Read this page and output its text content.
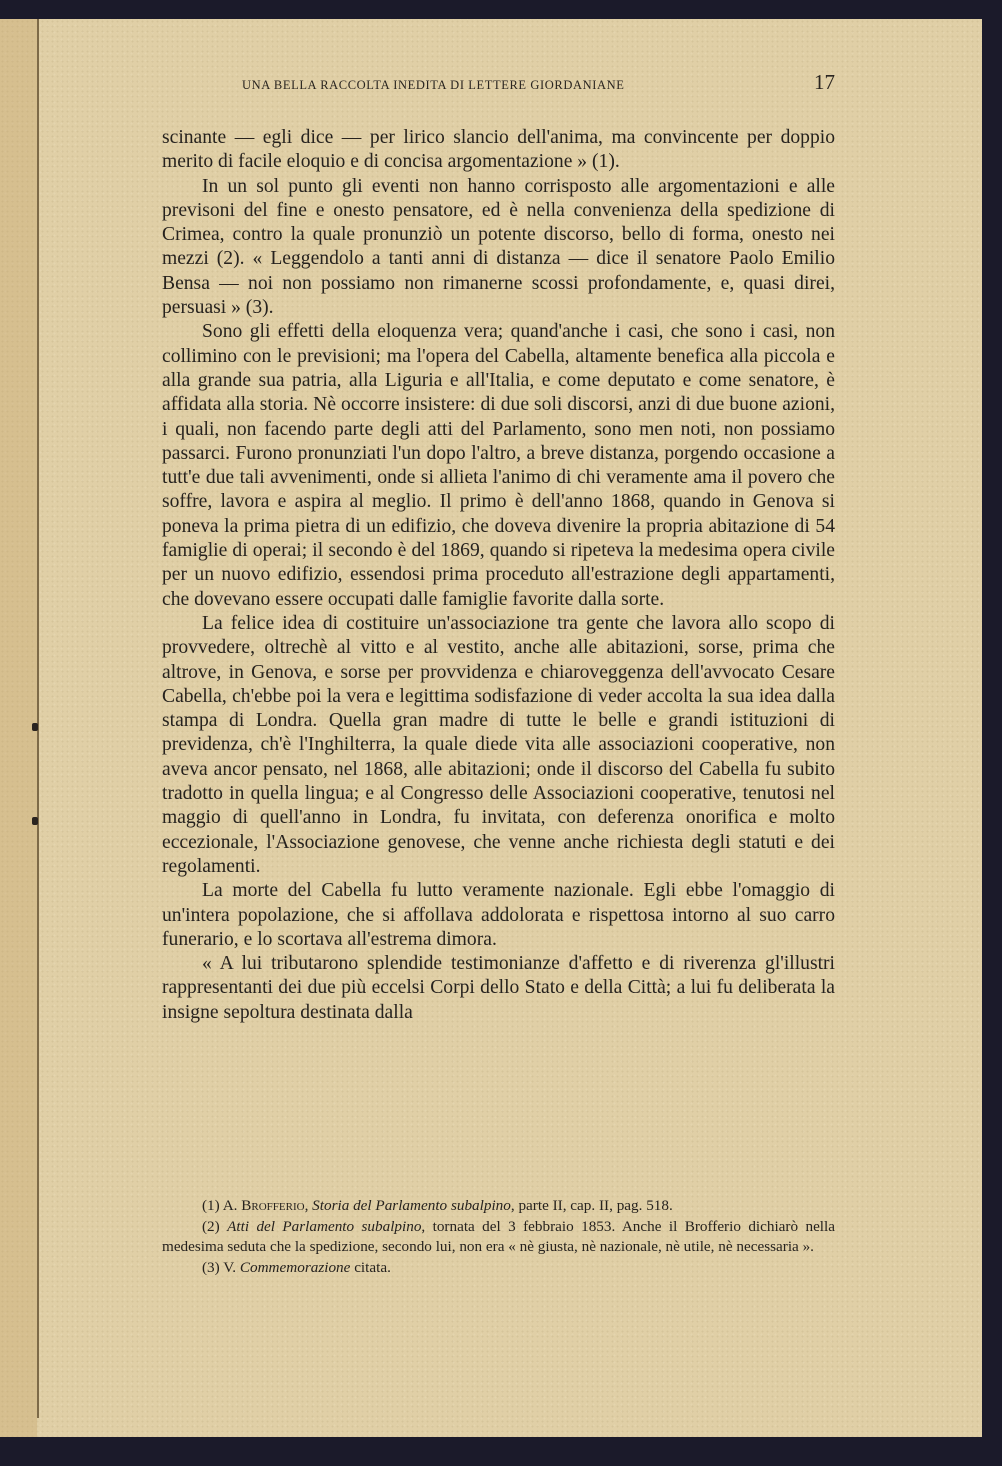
UNA BELLA RACCOLTA INEDITA DI LETTERE GIORDANIANE	17

scinante — egli dice — per lirico slancio dell'anima, ma convincente per doppio merito di facile eloquio e di concisa argomentazione » (1).

In un sol punto gli eventi non hanno corrisposto alle argomentazioni e alle previsoni del fine e onesto pensatore, ed è nella convenienza della spedizione di Crimea, contro la quale pronunziò un potente discorso, bello di forma, onesto nei mezzi (2). « Leggendolo a tanti anni di distanza — dice il senatore Paolo Emilio Bensa — noi non possiamo non rimanerne scossi profondamente, e, quasi direi, persuasi » (3).

Sono gli effetti della eloquenza vera; quand'anche i casi, che sono i casi, non collimino con le previsioni; ma l'opera del Cabella, altamente benefica alla piccola e alla grande sua patria, alla Liguria e all'Italia, e come deputato e come senatore, è affidata alla storia. Nè occorre insistere: di due soli discorsi, anzi di due buone azioni, i quali, non facendo parte degli atti del Parlamento, sono men noti, non possiamo passarci. Furono pronunziati l'un dopo l'altro, a breve distanza, porgendo occasione a tutt'e due tali avvenimenti, onde si allieta l'animo di chi veramente ama il povero che soffre, lavora e aspira al meglio. Il primo è dell'anno 1868, quando in Genova si poneva la prima pietra di un edifizio, che doveva divenire la propria abitazione di 54 famiglie di operai; il secondo è del 1869, quando si ripeteva la medesima opera civile per un nuovo edifizio, essendosi prima proceduto all'estrazione degli appartamenti, che dovevano essere occupati dalle famiglie favorite dalla sorte.

La felice idea di costituire un'associazione tra gente che lavora allo scopo di provvedere, oltrechè al vitto e al vestito, anche alle abitazioni, sorse, prima che altrove, in Genova, e sorse per provvidenza e chiaroveggenza dell'avvocato Cesare Cabella, ch'ebbe poi la vera e legittima sodisfazione di veder accolta la sua idea dalla stampa di Londra. Quella gran madre di tutte le belle e grandi istituzioni di previdenza, ch'è l'Inghilterra, la quale diede vita alle associazioni cooperative, non aveva ancor pensato, nel 1868, alle abitazioni; onde il discorso del Cabella fu subito tradotto in quella lingua; e al Congresso delle Associazioni cooperative, tenutosi nel maggio di quell'anno in Londra, fu invitata, con deferenza onorifica e molto eccezionale, l'Associazione genovese, che venne anche richiesta degli statuti e dei regolamenti.

La morte del Cabella fu lutto veramente nazionale. Egli ebbe l'omaggio di un'intera popolazione, che si affollava addolorata e rispettosa intorno al suo carro funerario, e lo scortava all'estrema dimora.

« A lui tributarono splendide testimonianze d'affetto e di riverenza gl'illustri rappresentanti dei due più eccelsi Corpi dello Stato e della Città; a lui fu deliberata la insigne sepoltura destinata dalla

(1) A. Brofferio, Storia del Parlamento subalpino, parte II, cap. II, pag. 518.

(2) Atti del Parlamento subalpino, tornata del 3 febbraio 1853. Anche il Brofferio dichiarò nella medesima seduta che la spedizione, secondo lui, non era « nè giusta, nè nazionale, nè utile, nè necessaria ».

(3) V. Commemorazione citata.
